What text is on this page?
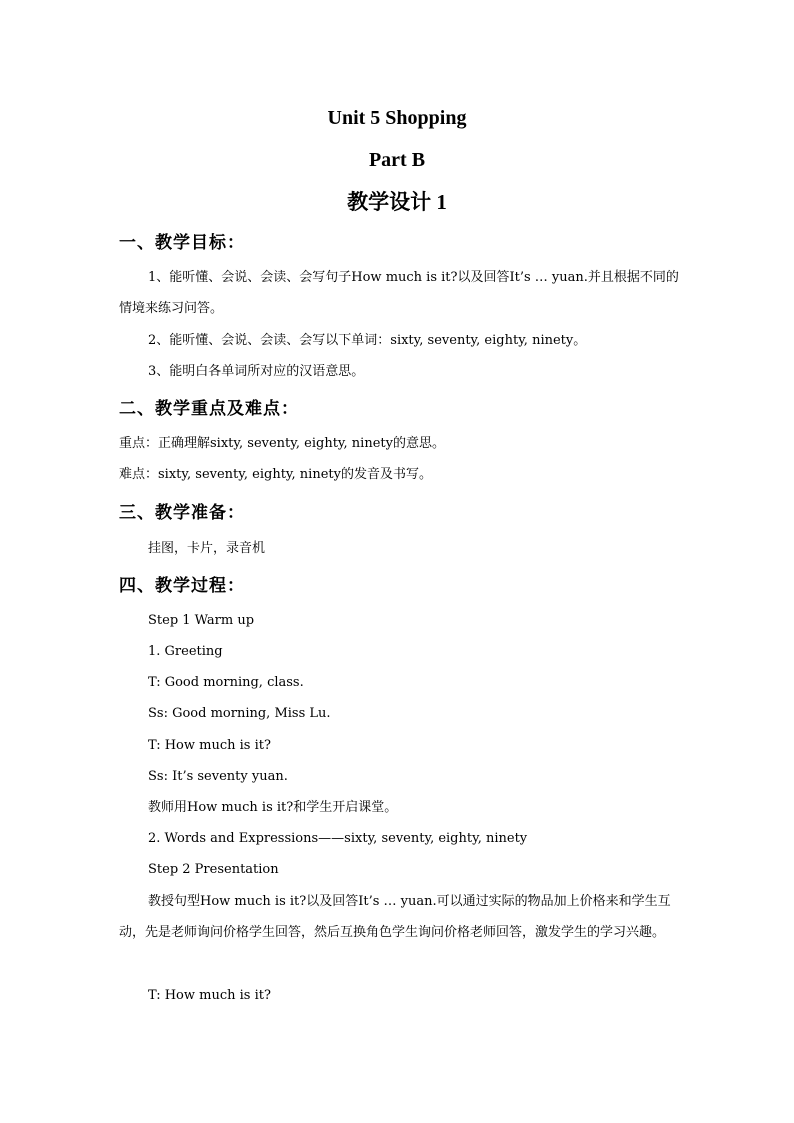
Unit 5 Shopping
Part B
教学设计 1
一、教学目标：
1、能听懂、会说、会读、会写句子How much is it?以及回答It’s … yuan.并且根据不同的情境来练习问答。
2、能听懂、会说、会读、会写以下单词：sixty, seventy, eighty, ninety。
3、能明白各单词所对应的汉语意思。
二、教学重点及难点：
重点：正确理解sixty, seventy, eighty, ninety的意思。
难点：sixty, seventy, eighty, ninety的发音及书写。
三、教学准备：
挂图，卡片，录音机
四、教学过程：
Step 1 Warm up
1. Greeting
T: Good morning, class.
Ss: Good morning, Miss Lu.
T: How much is it?
Ss: It’s seventy yuan.
教师用How much is it?和学生开启课堂。
2. Words and Expressions——sixty, seventy, eighty, ninety
Step 2 Presentation
教授句型How much is it?以及回答It’s … yuan.可以通过实际的物品加上价格来和学生互动，先是老师询问价格学生回答，然后互换角色学生询问价格老师回答，激发学生的学习兴趣。
T: How much is it?
